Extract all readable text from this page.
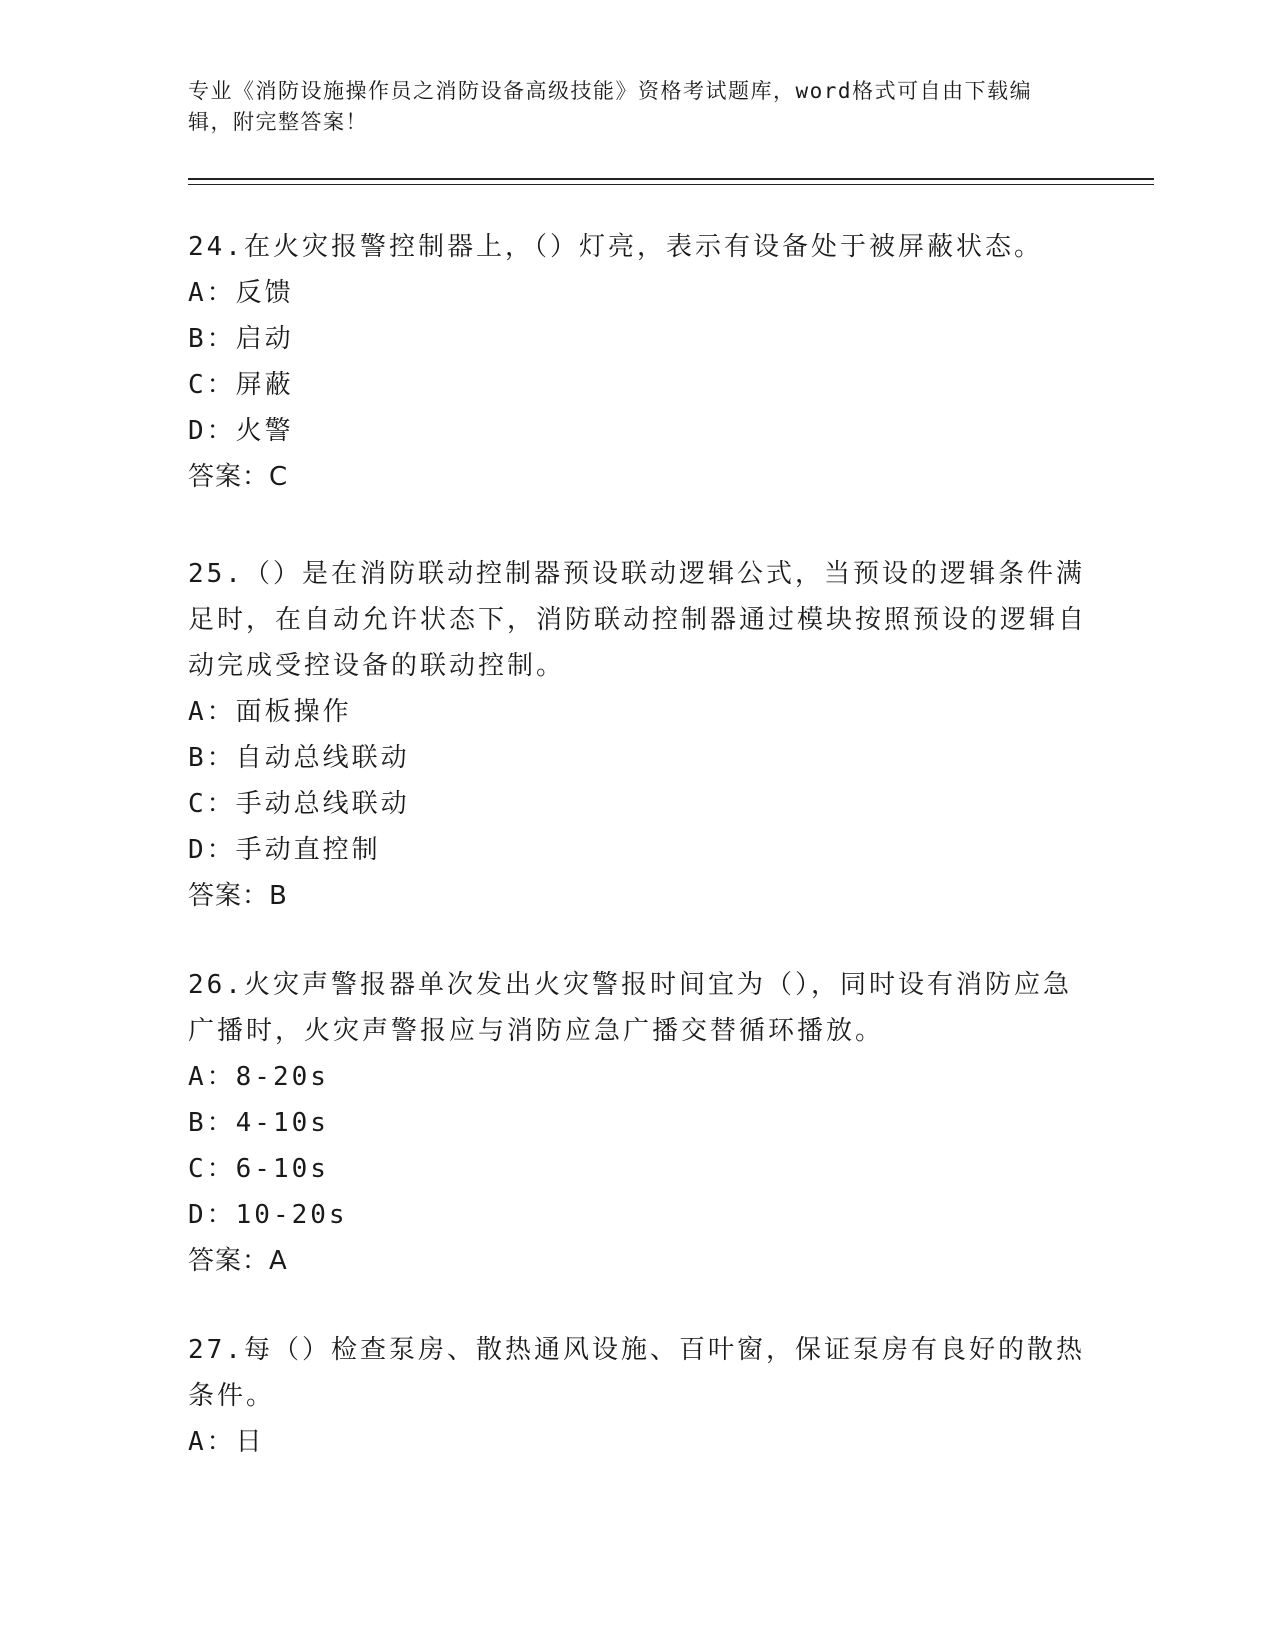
专业《消防设施操作员之消防设备高级技能》资格考试题库，word格式可自由下载编辑，附完整答案！

24.在火灾报警控制器上，（）灯亮，表示有设备处于被屏蔽状态。

A：反馈

B：启动

C：屏蔽

D：火警

答案：C

25.（）是在消防联动控制器预设联动逻辑公式，当预设的逻辑条件满足时，在自动允许状态下，消防联动控制器通过模块按照预设的逻辑自动完成受控设备的联动控制。

A：面板操作

B：自动总线联动

C：手动总线联动

D：手动直控制

答案：B

26.火灾声警报器单次发出火灾警报时间宜为（），同时设有消防应急广播时，火灾声警报应与消防应急广播交替循环播放。

A：8-20s

B：4-10s

C：6-10s

D：10-20s

答案：A

27.每（）检查泵房、散热通风设施、百叶窗，保证泵房有良好的散热条件。

A：日
